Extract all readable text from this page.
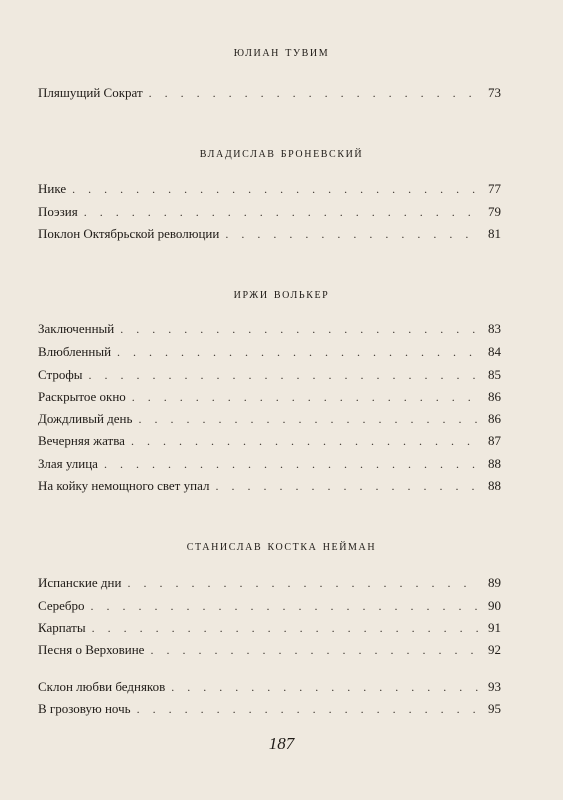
юлиан тувим
Пляшущий Сократ . . .	73
владислав броневский
Нике . . .	77
Поэзия . . .	79
Поклон Октябрьской революции . . .	81
иржи волькер
Заключенный . . .	83
Влюбленный . . .	84
Строфы . . .	85
Раскрытое окно . . .	86
Дождливый день . . .	86
Вечерняя жатва . . .	87
Злая улица . . .	88
На койку немощного свет упал . . .	88
станислав костка нейман
Испанские дни . . .	89
Серебро . . .	90
Карпаты . . .	91
Песня о Верховине . . .	92
Склон любви бедняков . . .	93
В грозовую ночь . . .	95
187
